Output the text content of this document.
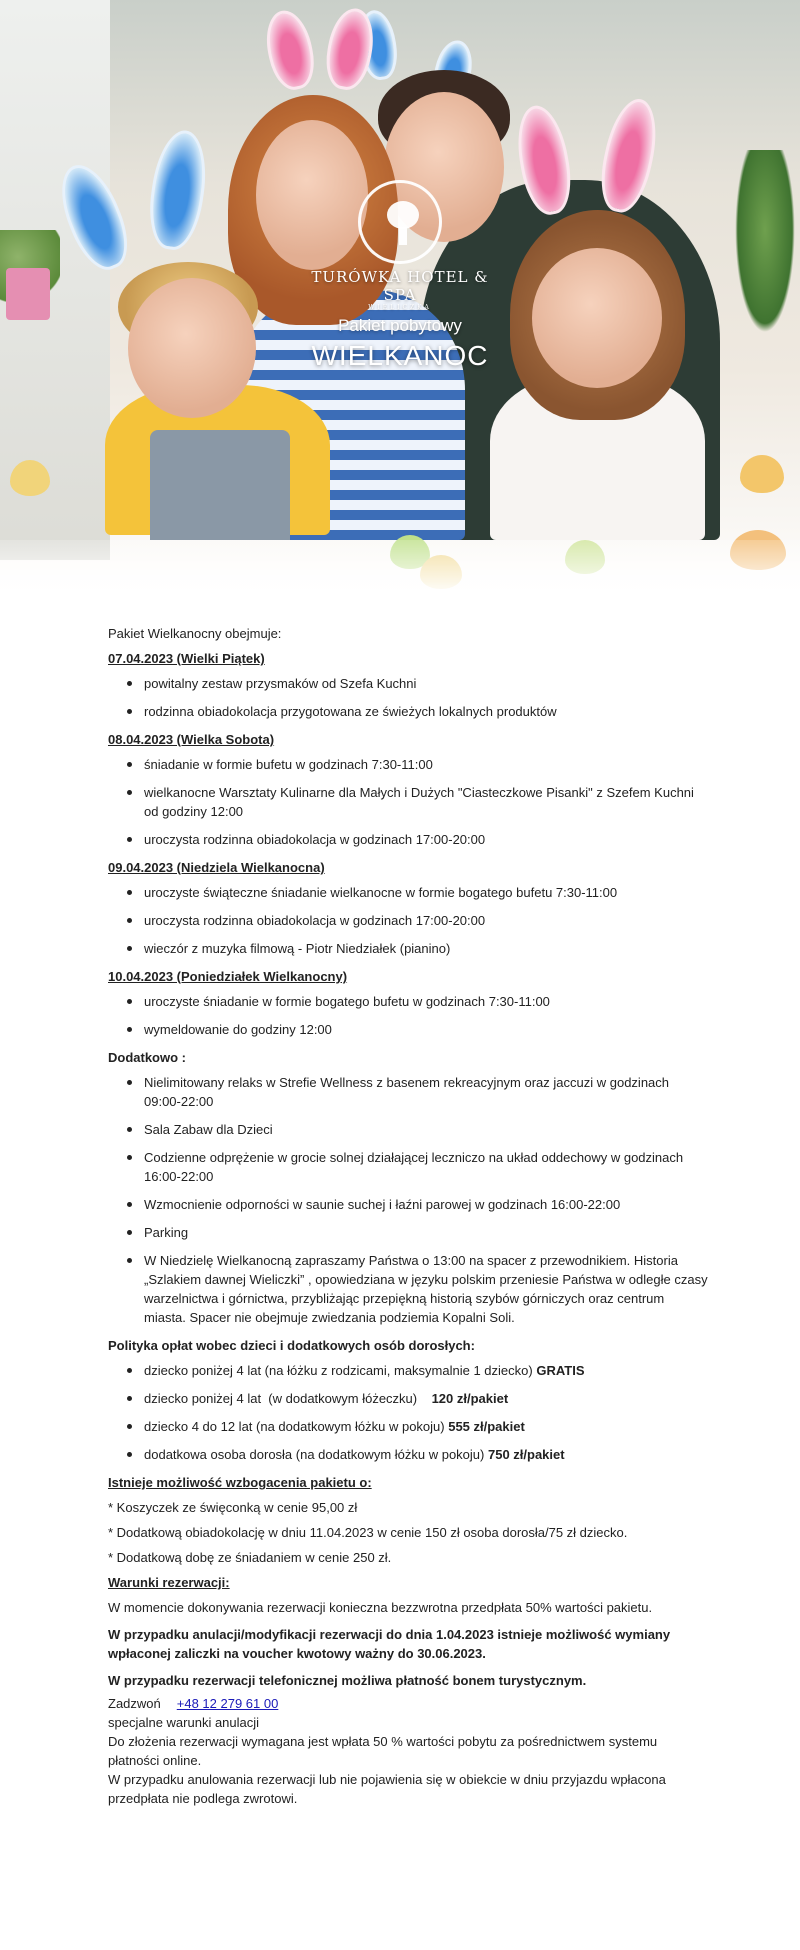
TURÓWKA HOTEL & SPA
WIELICZKA
Pakiet pobytowy
WIELKANOC

Pakiet Wielkanocny obejmuje:

07.04.2023 (Wielki Piątek)
powitalny zestaw przysmaków od Szefa Kuchni
rodzinna obiadokolacja przygotowana ze świeżych lokalnych produktów
08.04.2023 (Wielka Sobota)
śniadanie w formie bufetu w godzinach 7:30-11:00
wielkanocne Warsztaty Kulinarne dla Małych i Dużych "Ciasteczkowe Pisanki" z Szefem Kuchni od godziny 12:00
uroczysta rodzinna obiadokolacja w godzinach 17:00-20:00
09.04.2023 (Niedziela Wielkanocna)
uroczyste świąteczne śniadanie wielkanocne w formie bogatego bufetu 7:30-11:00
uroczysta rodzinna obiadokolacja w godzinach 17:00-20:00
wieczór z muzyka filmową - Piotr Niedziałek (pianino)
10.04.2023 (Poniedziałek Wielkanocny)
uroczyste śniadanie w formie bogatego bufetu w godzinach 7:30-11:00
wymeldowanie do godziny 12:00
Dodatkowo :
Nielimitowany relaks w Strefie Wellness z basenem rekreacyjnym oraz jaccuzi w godzinach 09:00-22:00
Sala Zabaw dla Dzieci
Codzienne odprężenie w grocie solnej działającej leczniczo na układ oddechowy w godzinach 16:00-22:00
Wzmocnienie odporności w saunie suchej i łaźni parowej w godzinach 16:00-22:00
Parking
W Niedzielę Wielkanocną zapraszamy Państwa o 13:00 na spacer z przewodnikiem. Historia „Szlakiem dawnej Wieliczki” , opowiedziana w języku polskim przeniesie Państwa w odległe czasy warzelnictwa i górnictwa, przybliżając przepiękną historią szybów górniczych oraz centrum miasta. Spacer nie obejmuje zwiedzania podziemia Kopalni Soli.
Polityka opłat wobec dzieci i dodatkowych osób dorosłych:
dziecko poniżej 4 lat (na łóżku z rodzicami, maksymalnie 1 dziecko) GRATIS
dziecko poniżej 4 lat  (w dodatkowym łóżeczku)    120 zł/pakiet
dziecko 4 do 12 lat (na dodatkowym łóżku w pokoju) 555 zł/pakiet
dodatkowa osoba dorosła (na dodatkowym łóżku w pokoju) 750 zł/pakiet
Istnieje możliwość wzbogacenia pakietu o:

* Koszyczek ze święconką w cenie 95,00 zł

* Dodatkową obiadokolację w dniu 11.04.2023 w cenie 150 zł osoba dorosła/75 zł dziecko.

* Dodatkową dobę ze śniadaniem w cenie 250 zł.

Warunki rezerwacji:

W momencie dokonywania rezerwacji konieczna bezzwrotna przedpłata 50% wartości pakietu.

W przypadku anulacji/modyfikacji rezerwacji do dnia 1.04.2023 istnieje możliwość wymiany wpłaconej zaliczki na voucher kwotowy ważny do 30.06.2023.

W przypadku rezerwacji telefonicznej możliwa płatność bonem turystycznym.

Zadzwoń +48 12 279 61 00

specjalne warunki anulacji

Do złożenia rezerwacji wymagana jest wpłata 50 % wartości pobytu za pośrednictwem systemu płatności online.

W przypadku anulowania rezerwacji lub nie pojawienia się w obiekcie w dniu przyjazdu wpłacona przedpłata nie podlega zwrotowi.
